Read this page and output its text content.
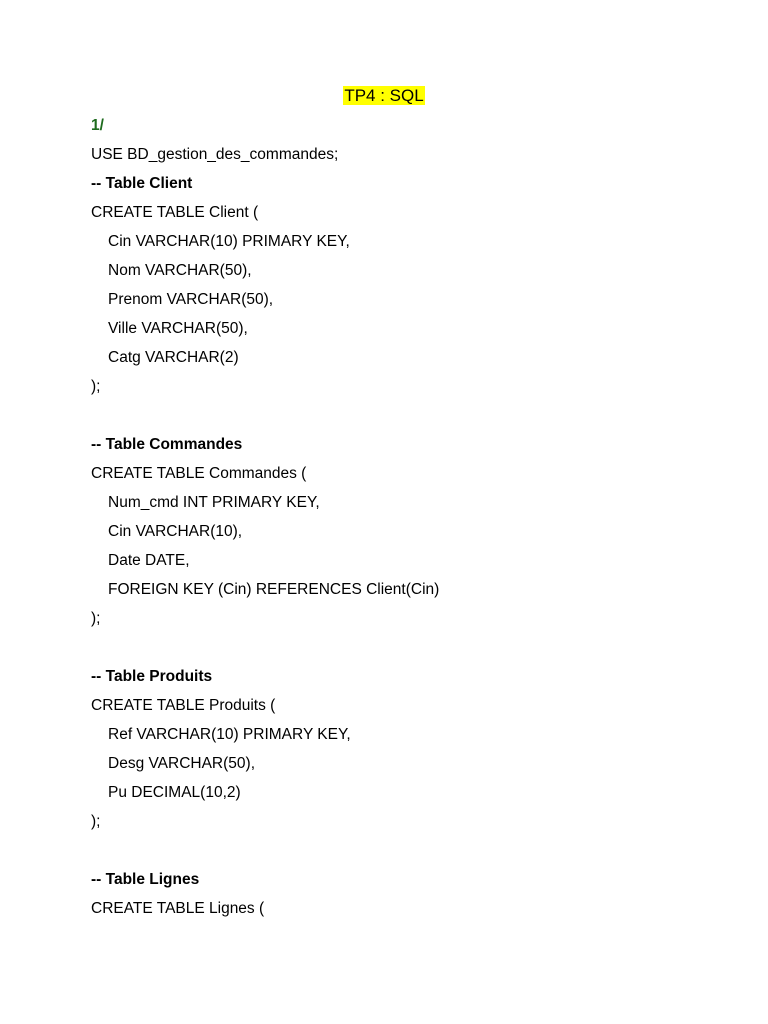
TP4 : SQL
1/
USE BD_gestion_des_commandes;
-- Table Client
CREATE TABLE Client (
Cin VARCHAR(10) PRIMARY KEY,
Nom VARCHAR(50),
Prenom VARCHAR(50),
Ville VARCHAR(50),
Catg VARCHAR(2)
);
-- Table Commandes
CREATE TABLE Commandes (
Num_cmd INT PRIMARY KEY,
Cin VARCHAR(10),
Date DATE,
FOREIGN KEY (Cin) REFERENCES Client(Cin)
);
-- Table Produits
CREATE TABLE Produits (
Ref VARCHAR(10) PRIMARY KEY,
Desg VARCHAR(50),
Pu DECIMAL(10,2)
);
-- Table Lignes
CREATE TABLE Lignes (
